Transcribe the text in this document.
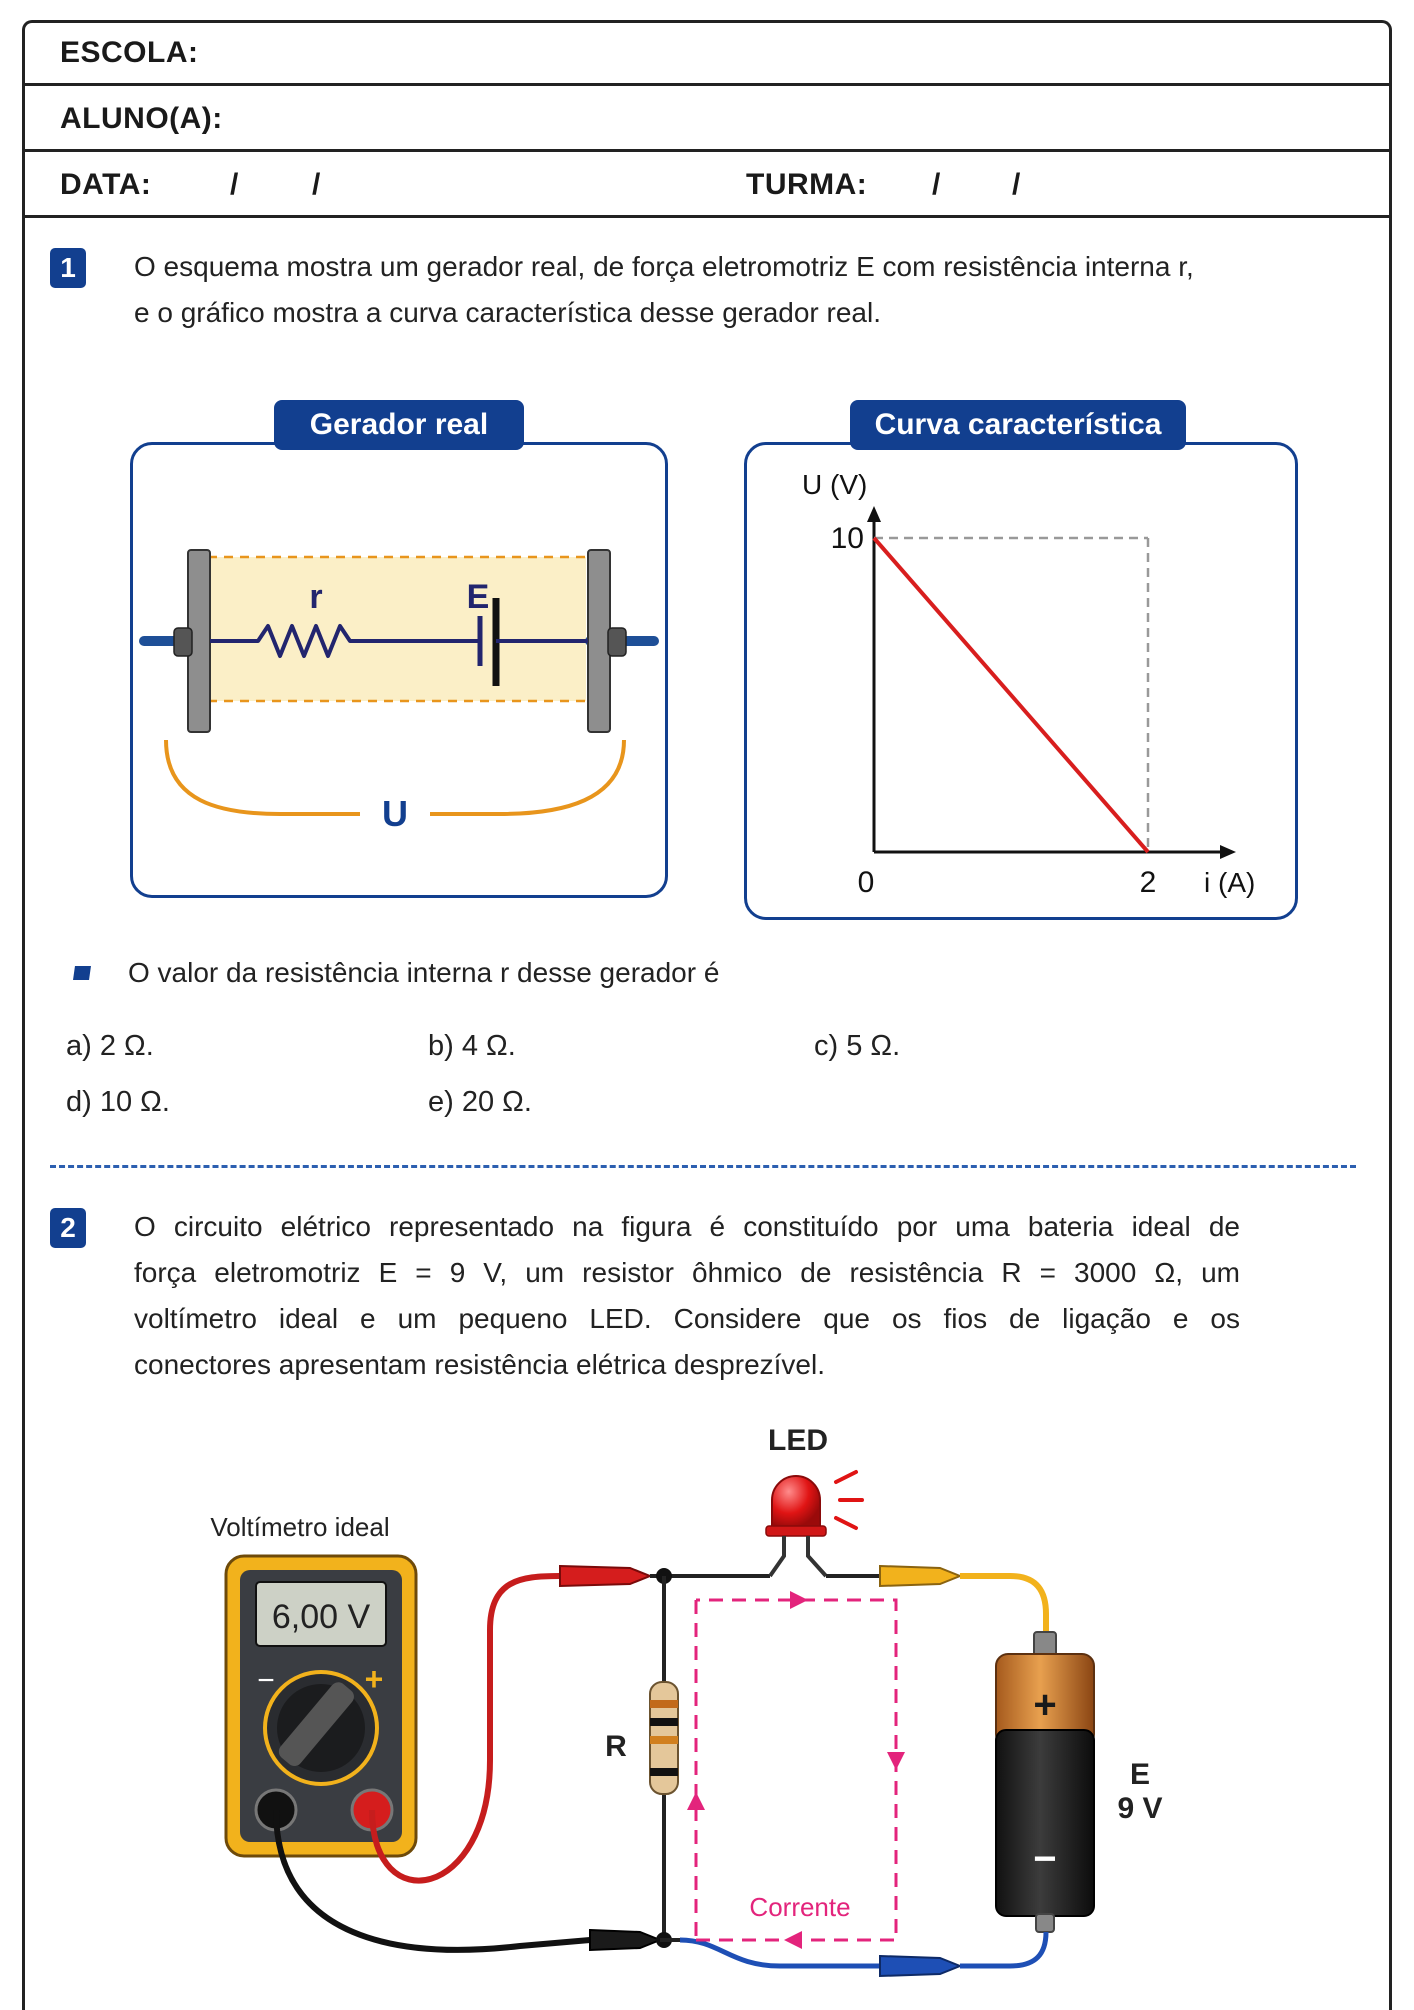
ESCOLA:
ALUNO(A):
DATA:	/ /	TURMA: / /
1	O esquema mostra um gerador real, de força eletromotriz E com resistência interna r,
e o gráfico mostra a curva característica desse gerador real.
Gerador real
r	E
U
Curva característica
U (V)
i (A)
0
10
2
O valor da resistência interna r desse gerador é
a) 2 Ω.	b) 4 Ω.	c) 5 Ω.
d) 10 Ω.	e) 20 Ω.
2	O circuito elétrico representado na figura é constituído por uma bateria ideal de
força eletromotriz E = 9 V, um resistor ôhmico de resistência R = 3000 Ω, um
voltímetro ideal e um pequeno LED. Considere que os fios de ligação e os
conectores apresentam resistência elétrica desprezível.
Voltímetro ideal
6,00 V
−	+
R
LED
+
−
E
9 V
Corrente
